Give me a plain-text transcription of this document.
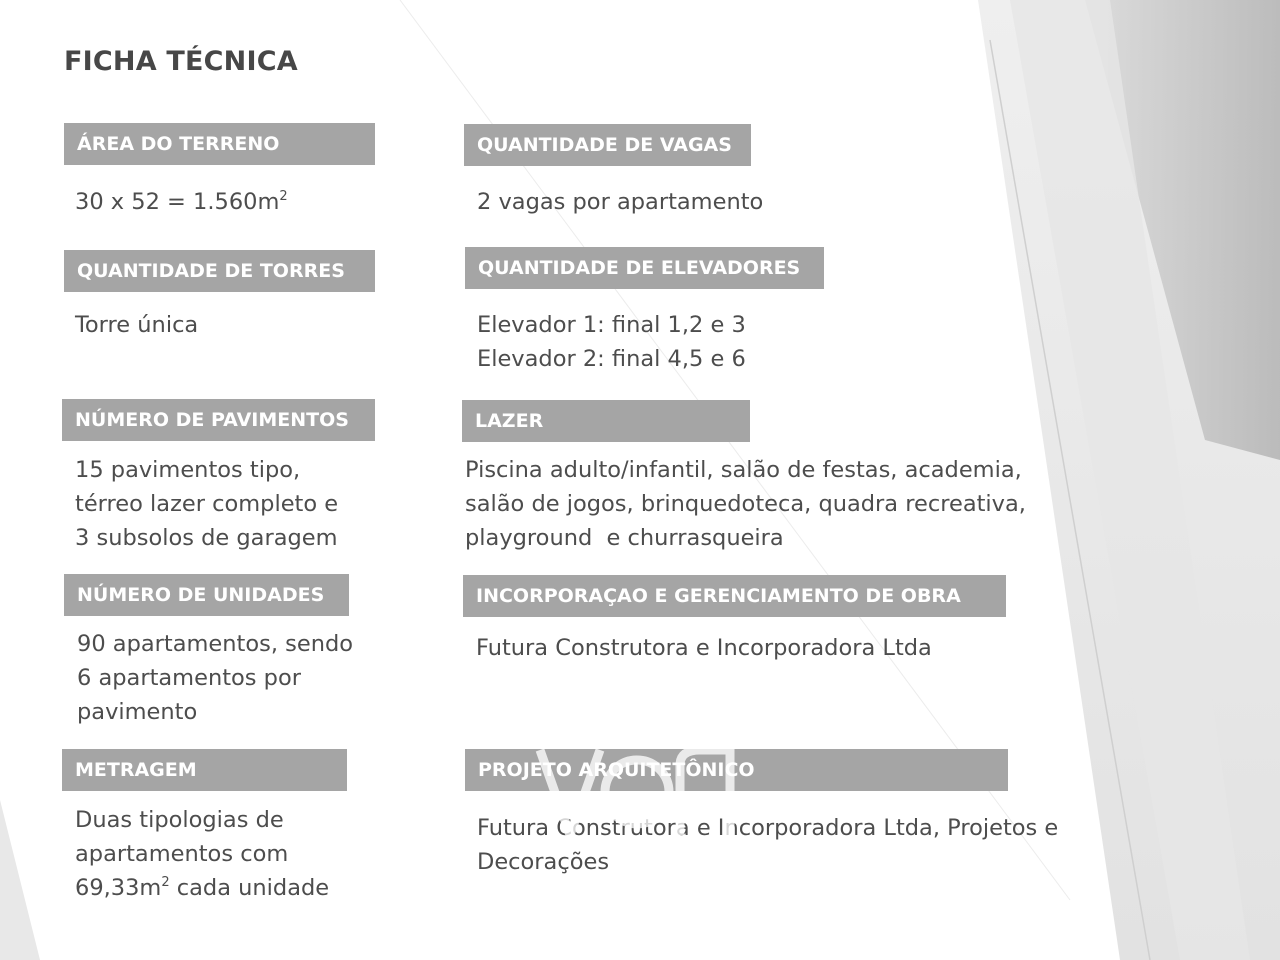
FICHA TÉCNICA
ÁREA DO TERRENO
30 x $52 = 1.560m^2$
QUANTIDADE DE TORRES
Torre única
NÚMERO DE PAVIMENTOS
15 pavimentos tipo,
térreo lazer completo e
3 subsolos de garagem
NÚMERO DE UNIDADES
90 apartamentos, sendo
6 apartamentos por
pavimento
METRAGEM
Duas tipologias de
apartamentos com
$69,33m^2$ cada unidade
QUANTIDADE DE VAGAS
2 vagas por apartamento
QUANTIDADE DE ELEVADORES
Elevador 1: final 1,2 e 3
Elevador 2: final 4,5 e 6
LAZER
Piscina adulto/infantil, salão de festas, academia,
salão de jogos, brinquedoteca, quadra recreativa,
playground  e churrasqueira
INCORPORAÇAO E GERENCIAMENTO DE OBRA
Futura Construtora e Incorporadora Ltda
PROJETO ARQUITETÔNICO
Futura Construtora e Incorporadora Ltda, Projetos e
Decorações
